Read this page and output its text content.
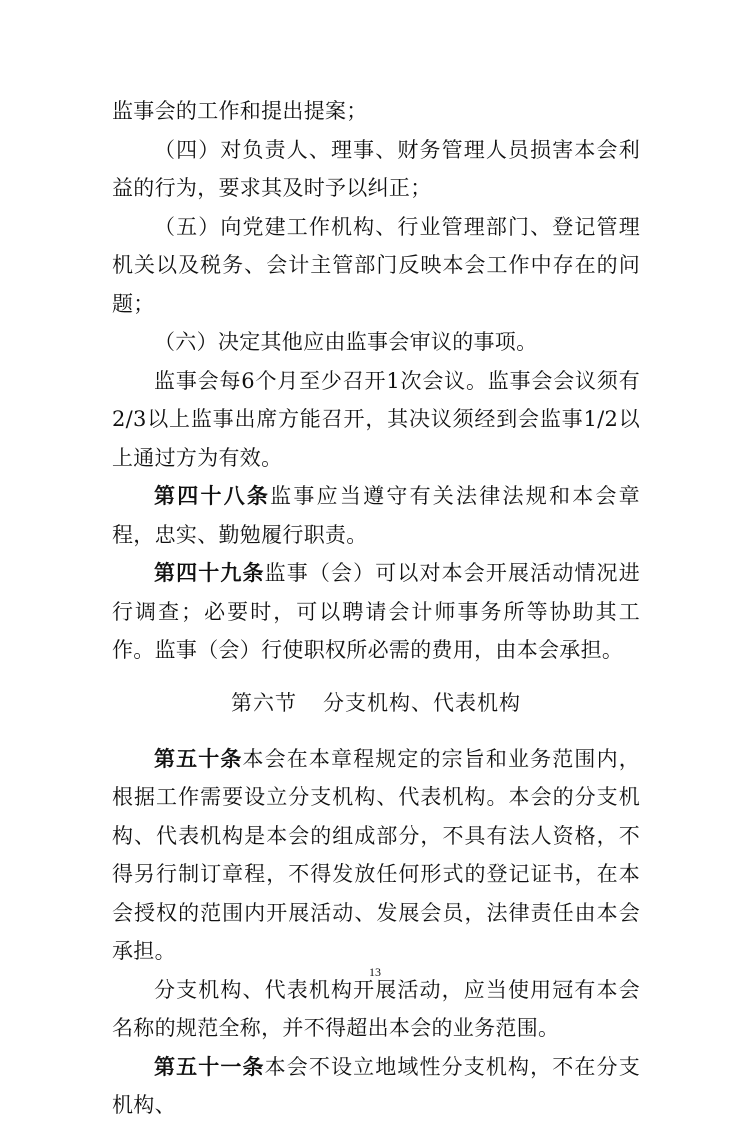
监事会的工作和提出提案；

（四）对负责人、理事、财务管理人员损害本会利益的行为，要求其及时予以纠正；

（五）向党建工作机构、行业管理部门、登记管理机关以及税务、会计主管部门反映本会工作中存在的问题；

（六）决定其他应由监事会审议的事项。

监事会每6个月至少召开1次会议。监事会会议须有2/3以上监事出席方能召开，其决议须经到会监事1/2以上通过方为有效。

第四十八条监事应当遵守有关法律法规和本会章程，忠实、勤勉履行职责。

第四十九条监事（会）可以对本会开展活动情况进行调查；必要时，可以聘请会计师事务所等协助其工作。监事（会）行使职权所必需的费用，由本会承担。

第六节 分支机构、代表机构

第五十条本会在本章程规定的宗旨和业务范围内，根据工作需要设立分支机构、代表机构。本会的分支机构、代表机构是本会的组成部分，不具有法人资格，不得另行制订章程，不得发放任何形式的登记证书，在本会授权的范围内开展活动、发展会员，法律责任由本会承担。

分支机构、代表机构开展活动，应当使用冠有本会名称的规范全称，并不得超出本会的业务范围。

第五十一条本会不设立地域性分支机构，不在分支机构、

13
